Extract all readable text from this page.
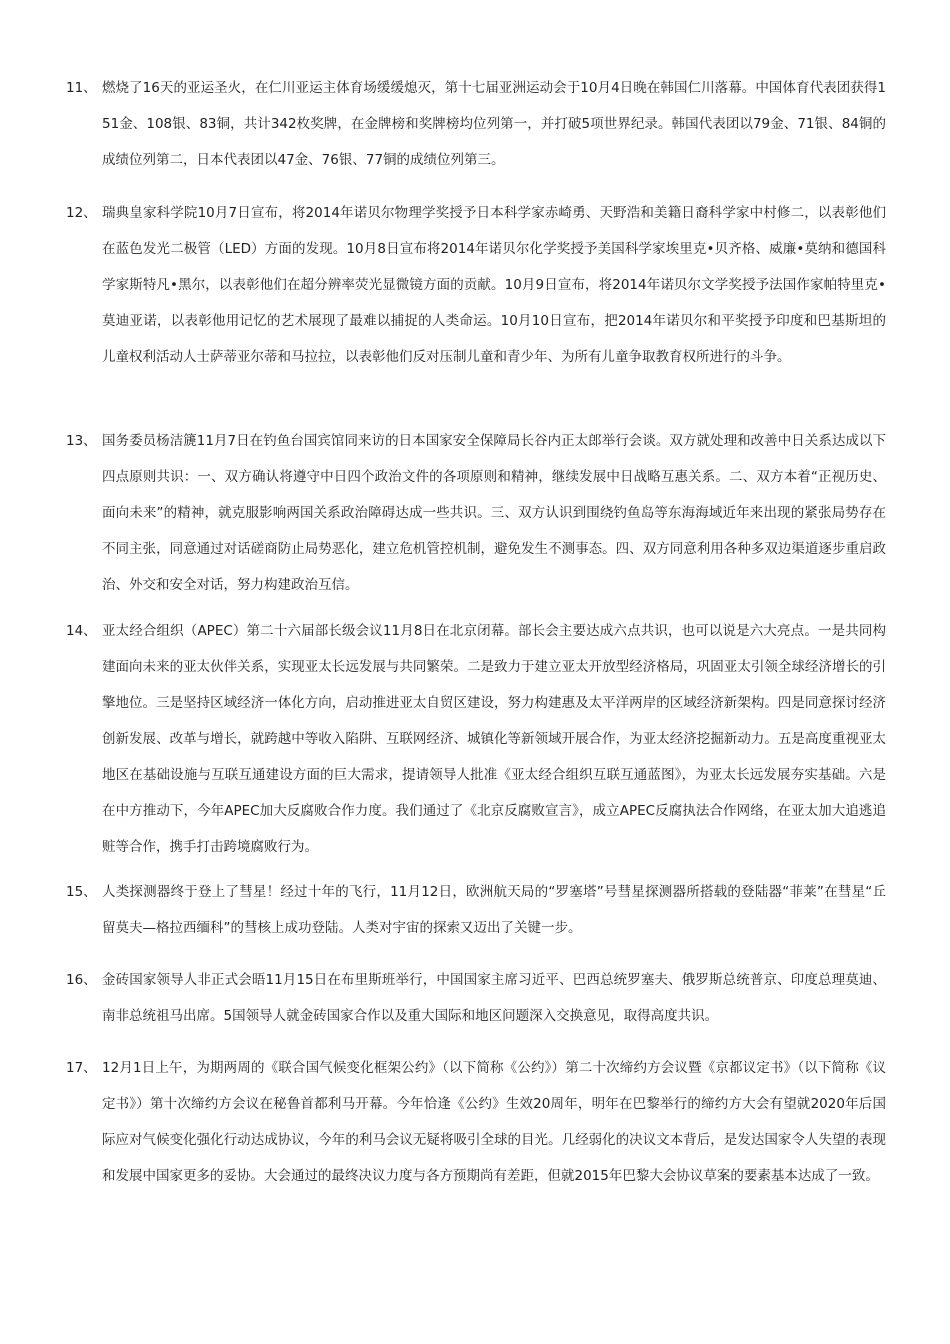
11、 燃烧了16天的亚运圣火，在仁川亚运主体育场缓缓熄灭，第十七届亚洲运动会于10月4日晚在韩国仁川落幕。中国体育代表团获得151金、108银、83铜，共计342枚奖牌，在金牌榜和奖牌榜均位列第一，并打破5项世界纪录。韩国代表团以79金、71银、84铜的成绩位列第二，日本代表团以47金、76银、77铜的成绩位列第三。
12、 瑞典皇家科学院10月7日宣布，将2014年诺贝尔物理学奖授予日本科学家赤崎勇、天野浩和美籍日裔科学家中村修二，以表彰他们在蓝色发光二极管（LED）方面的发现。10月8日宣布将2014年诺贝尔化学奖授予美国科学家埃里克•贝齐格、威廉•莫纳和德国科学家斯特凡•黑尔，以表彰他们在超分辨率荧光显微镜方面的贡献。10月9日宣布，将2014年诺贝尔文学奖授予法国作家帕特里克•莫迪亚诺，以表彰他用记忆的艺术展现了最难以捕捉的人类命运。10月10日宣布，把2014年诺贝尔和平奖授予印度和巴基斯坦的儿童权利活动人士萨蒂亚尔蒂和马拉拉，以表彰他们反对压制儿童和青少年、为所有儿童争取教育权所进行的斗争。
13、 国务委员杨洁篪11月7日在钓鱼台国宾馆同来访的日本国家安全保障局长谷内正太郎举行会谈。双方就处理和改善中日关系达成以下四点原则共识：一、双方确认将遵守中日四个政治文件的各项原则和精神，继续发展中日战略互惠关系。二、双方本着“正视历史、面向未来”的精神，就克服影响两国关系政治障碍达成一些共识。三、双方认识到围绕钓鱼岛等东海海域近年来出现的紧张局势存在不同主张，同意通过对话磋商防止局势恶化，建立危机管控机制，避免发生不测事态。四、双方同意利用各种多双边渠道逐步重启政治、外交和安全对话，努力构建政治互信。
14、 亚太经合组织（APEC）第二十六届部长级会议11月8日在北京闭幕。部长会主要达成六点共识，也可以说是六大亮点。一是共同构建面向未来的亚太伙伴关系，实现亚太长远发展与共同繁荣。二是致力于建立亚太开放型经济格局，巩固亚太引领全球经济增长的引擎地位。三是坚持区域经济一体化方向，启动推进亚太自贸区建设，努力构建惠及太平洋两岸的区域经济新架构。四是同意探讨经济创新发展、改革与增长，就跨越中等收入陷阱、互联网经济、城镇化等新领域开展合作，为亚太经济挖掘新动力。五是高度重视亚太地区在基础设施与互联互通建设方面的巨大需求，提请领导人批准《亚太经合组织互联互通蓝图》，为亚太长远发展夯实基础。六是在中方推动下，今年APEC加大反腐败合作力度。我们通过了《北京反腐败宣言》，成立APEC反腐执法合作网络，在亚太加大追逃追赃等合作，携手打击跨境腐败行为。
15、 人类探测器终于登上了彗星！经过十年的飞行，11月12日，欧洲航天局的“罗塞塔”号彗星探测器所搭载的登陆器“菲莱”在彗星“丘留莫夫—格拉西缅科”的彗核上成功登陆。人类对宇宙的探索又迈出了关键一步。
16、 金砖国家领导人非正式会晤11月15日在布里斯班举行，中国国家主席习近平、巴西总统罗塞夫、俄罗斯总统普京、印度总理莫迪、南非总统祖马出席。5国领导人就金砖国家合作以及重大国际和地区问题深入交换意见，取得高度共识。
17、 12月1日上午，为期两周的《联合国气候变化框架公约》（以下简称《公约》）第二十次缔约方会议暨《京都议定书》（以下简称《议定书》）第十次缔约方会议在秘鲁首都利马开幕。今年恰逢《公约》生效20周年，明年在巴黎举行的缔约方大会有望就2020年后国际应对气候变化强化行动达成协议，今年的利马会议无疑将吸引全球的目光。几经弱化的决议文本背后，是发达国家令人失望的表现和发展中国家更多的妥协。大会通过的最终决议力度与各方预期尚有差距，但就2015年巴黎大会协议草案的要素基本达成了一致。
